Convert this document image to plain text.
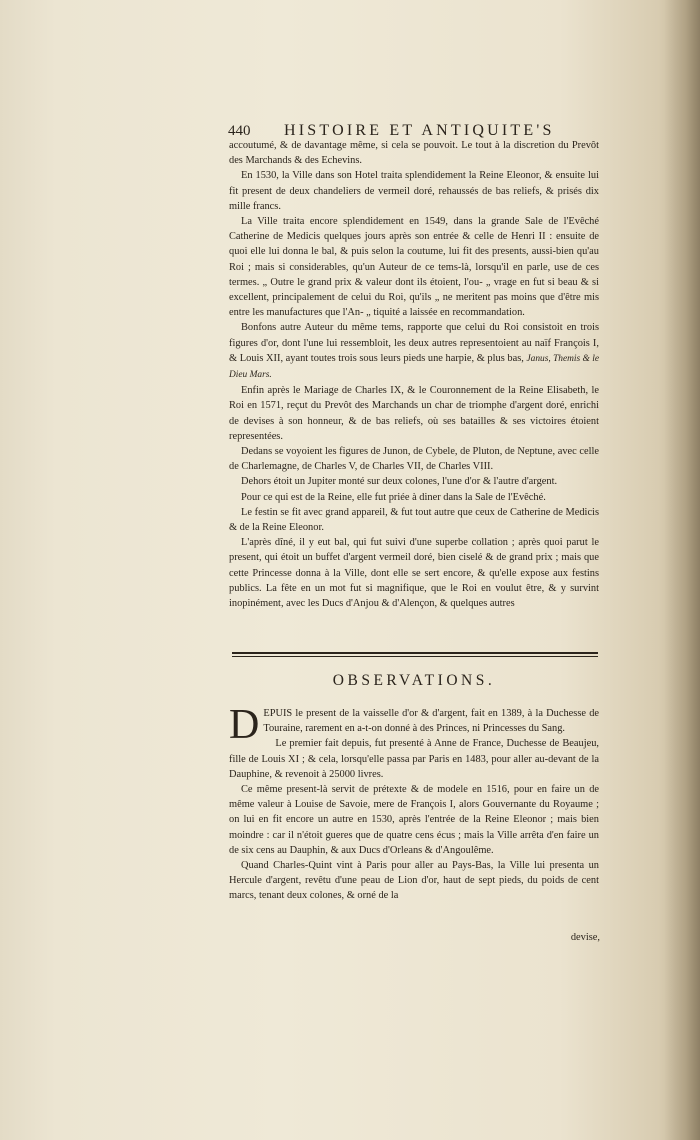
440 HISTOIRE ET ANTIQUITE'S

accoutumé, & de davantage même, si cela se pouvoit. Le tout à la discretion du Prevôt des Marchands & des Echevins.

En 1530, la Ville dans son Hotel traita splendidement la Reine Eleonor, & ensuite lui fit present de deux chandeliers de vermeil doré, rehaussés de bas reliefs, & prisés dix mille francs.

La Ville traita encore splendidement en 1549, dans la grande Sale de l'Evêché Catherine de Medicis quelques jours après son entrée & celle de Henri II : ensuite de quoi elle lui donna le bal, & puis selon la coutume, lui fit des presents, aussi-bien qu'au Roi ; mais si considerables, qu'un Auteur de ce tems-là, lorsqu'il en parle, use de ces termes. „ Outre le grand prix & valeur dont ils étoient, l'ou- „ vrage en fut si beau & si excellent, principalement de celui du Roi, qu'ils „ ne meritent pas moins que d'être mis entre les manufactures que l'An- „ tiquité a laissée en recommandation.

Bonfons autre Auteur du même tems, rapporte que celui du Roi consistoit en trois figures d'or, dont l'une lui ressembloit, les deux autres representoient au naïf François I, & Louis XII, ayant toutes trois sous leurs pieds une harpie, & plus bas, Janus, Themis & le Dieu Mars.

Enfin après le Mariage de Charles IX, & le Couronnement de la Reine Elisabeth, le Roi en 1571, reçut du Prevôt des Marchands un char de triomphe d'argent doré, enrichi de devises à son honneur, & de bas reliefs, où ses batailles & ses victoires étoient representées.

Dedans se voyoient les figures de Junon, de Cybele, de Pluton, de Neptune, avec celle de Charlemagne, de Charles V, de Charles VII, de Charles VIII.

Dehors étoit un Jupiter monté sur deux colones, l'une d'or & l'autre d'argent.

Pour ce qui est de la Reine, elle fut priée à diner dans la Sale de l'Evêché.

Le festin se fit avec grand appareil, & fut tout autre que ceux de Catherine de Medicis & de la Reine Eleonor.

L'après dîné, il y eut bal, qui fut suivi d'une superbe collation ; après quoi parut le present, qui étoit un buffet d'argent vermeil doré, bien ciselé & de grand prix ; mais que cette Princesse donna à la Ville, dont elle se sert encore, & qu'elle expose aux festins publics. La fête en un mot fut si magnifique, que le Roi en voulut être, & y survint inopinément, avec les Ducs d'Anjou & d'Alençon, & quelques autres

OBSERVATIONS.

DEPUIS le present de la vaisselle d'or & d'argent, fait en 1389, à la Duchesse de Touraine, rarement en a-t-on donné à des Princes, ni Princesses du Sang.

Le premier fait depuis, fut presenté à Anne de France, Duchesse de Beaujeu, fille de Louis XI ; & cela, lorsqu'elle passa par Paris en 1483, pour aller au-devant de la Dauphine, & revenoit à 25000 livres.

Ce même present-là servit de prétexte & de modele en 1516, pour en faire un de même valeur à Louise de Savoie, mere de François I, alors Gouvernante du Royaume ; on lui en fit encore un autre en 1530, après l'entrée de la Reine Eleonor ; mais bien moindre : car il n'étoit gueres que de quatre cens écus ; mais la Ville arrêta d'en faire un de six cens au Dauphin, & aux Ducs d'Orleans & d'Angoulême.

Quand Charles-Quint vint à Paris pour aller au Pays-Bas, la Ville lui presenta un Hercule d'argent, revêtu d'une peau de Lion d'or, haut de sept pieds, du poids de cent marcs, tenant deux colones, & orné de la

devise,
